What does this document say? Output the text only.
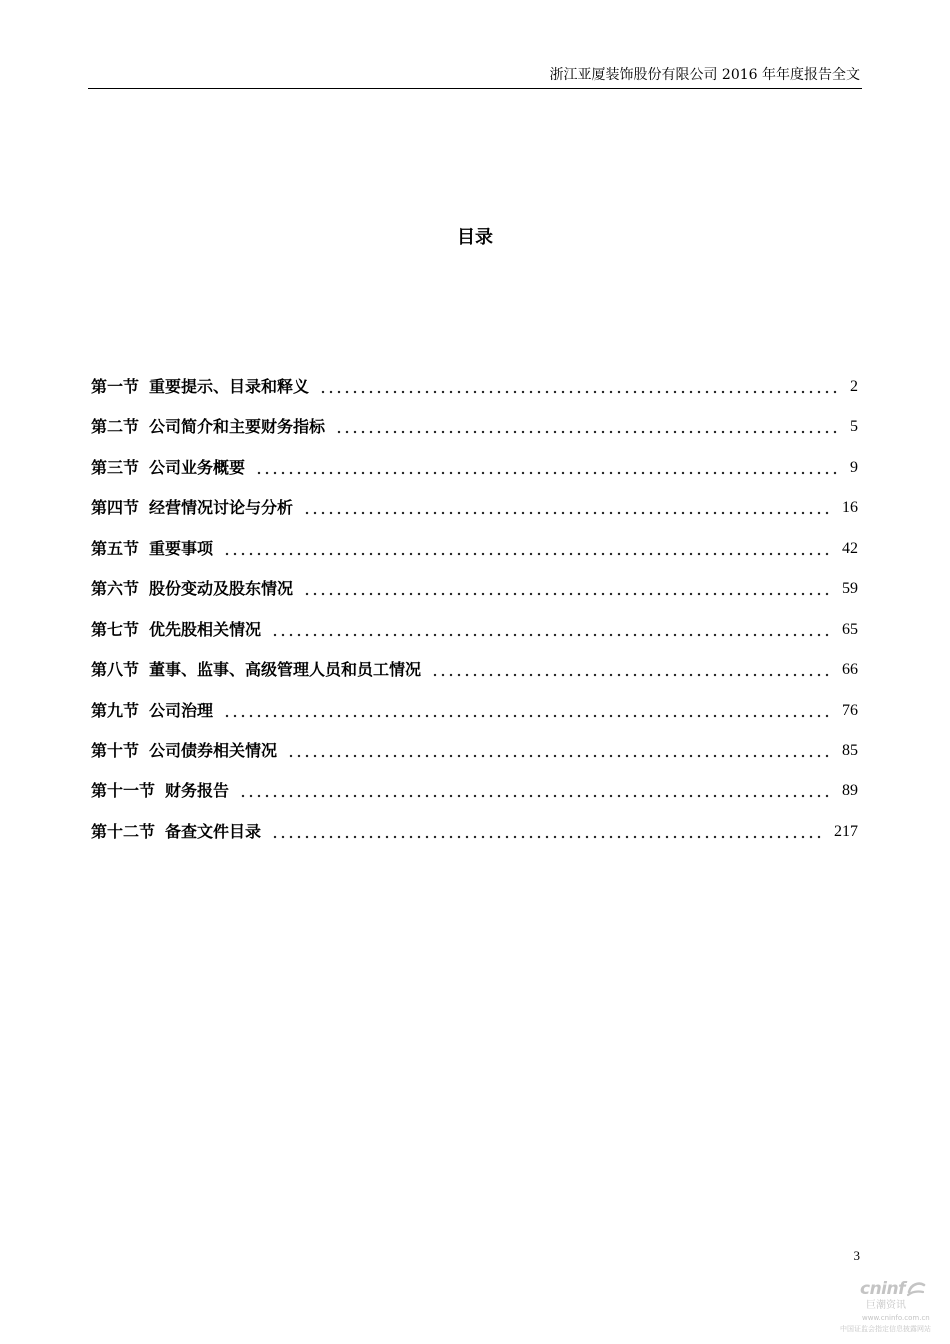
浙江亚厦装饰股份有限公司 2016 年年度报告全文
目录
第一节 重要提示、目录和释义	2
第二节 公司简介和主要财务指标	5
第三节 公司业务概要	9
第四节 经营情况讨论与分析	16
第五节 重要事项	42
第六节 股份变动及股东情况	59
第七节 优先股相关情况	65
第八节 董事、监事、高级管理人员和员工情况	66
第九节 公司治理	76
第十节 公司债券相关情况	85
第十一节 财务报告	89
第十二节 备查文件目录	217
3
cninf
巨潮资讯
www.cninfo.com.cn
中国证监会指定信息披露网站
